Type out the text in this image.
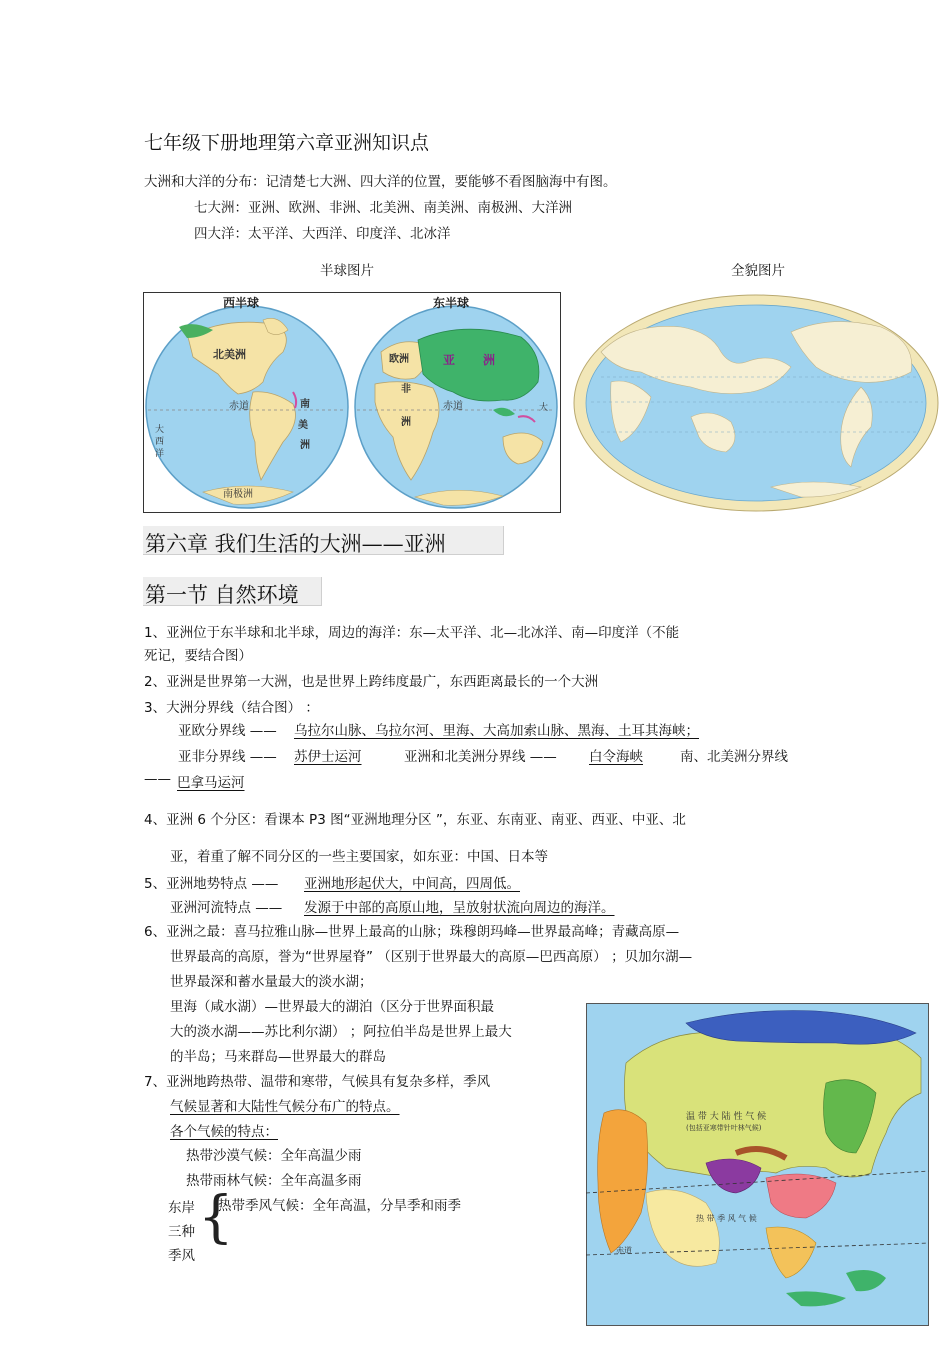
七年级下册地理第六章亚洲知识点
大洲和大洋的分布：记清楚七大洲、四大洋的位置，要能够不看图脑海中有图。
七大洲：亚洲、欧洲、非洲、北美洲、南美洲、南极洲、大洋洲
四大洋：太平洋、大西洋、印度洋、北冰洋
半球图片	全貌图片
西半球	东半球
北美洲
南
美
洲
赤道	赤道
南极洲
亚 洲
欧洲
非
洲
大
西
洋
大
第六章 我们生活的大洲——亚洲
第一节 自然环境
1、亚洲位于东半球和北半球，周边的海洋：东—太平洋、北—北冰洋、南—印度洋（不能
死记，要结合图）
2、亚洲是世界第一大洲，也是世界上跨纬度最广，东西距离最长的一个大洲
3、大洲分界线（结合图） ：
亚欧分界线 —— 乌拉尔山脉、乌拉尔河、里海、大高加索山脉、黑海、土耳其海峡；
亚非分界线 —— 苏伊士运河	亚洲和北美洲分界线 —— 白令海峡	南、北美洲分界线
—— 巴拿马运河
4、亚洲 6 个分区：看课本 P3 图“亚洲地理分区 ”，东亚、东南亚、南亚、西亚、中亚、北
亚，着重了解不同分区的一些主要国家，如东亚：中国、日本等
5、亚洲地势特点 —— 亚洲地形起伏大，中间高，四周低。
亚洲河流特点 —— 发源于中部的高原山地，呈放射状流向周边的海洋。
6、亚洲之最：喜马拉雅山脉—世界上最高的山脉；珠穆朗玛峰—世界最高峰；青藏高原—
世界最高的高原，誉为“世界屋脊” （区别于世界最大的高原—巴西高原） ；贝加尔湖—
世界最深和蓄水量最大的淡水湖；
里海（咸水湖）—世界最大的湖泊（区分于世界面积最
大的淡水湖——苏比利尔湖） ；阿拉伯半岛是世界上最大
的半岛；马来群岛—世界最大的群岛
7、亚洲地跨热带、温带和寒带，气候具有复杂多样，季风
气候显著和大陆性气候分布广的特点。
各个气候的特点：
热带沙漠气候：全年高温少雨
热带雨林气候：全年高温多雨
东岸
三种
季风
{
热带季风气候：全年高温，分旱季和雨季
温 带 大 陆 性 气 候
(包括亚寒带针叶林气候)
热 带 季 风 气 候
赤道
